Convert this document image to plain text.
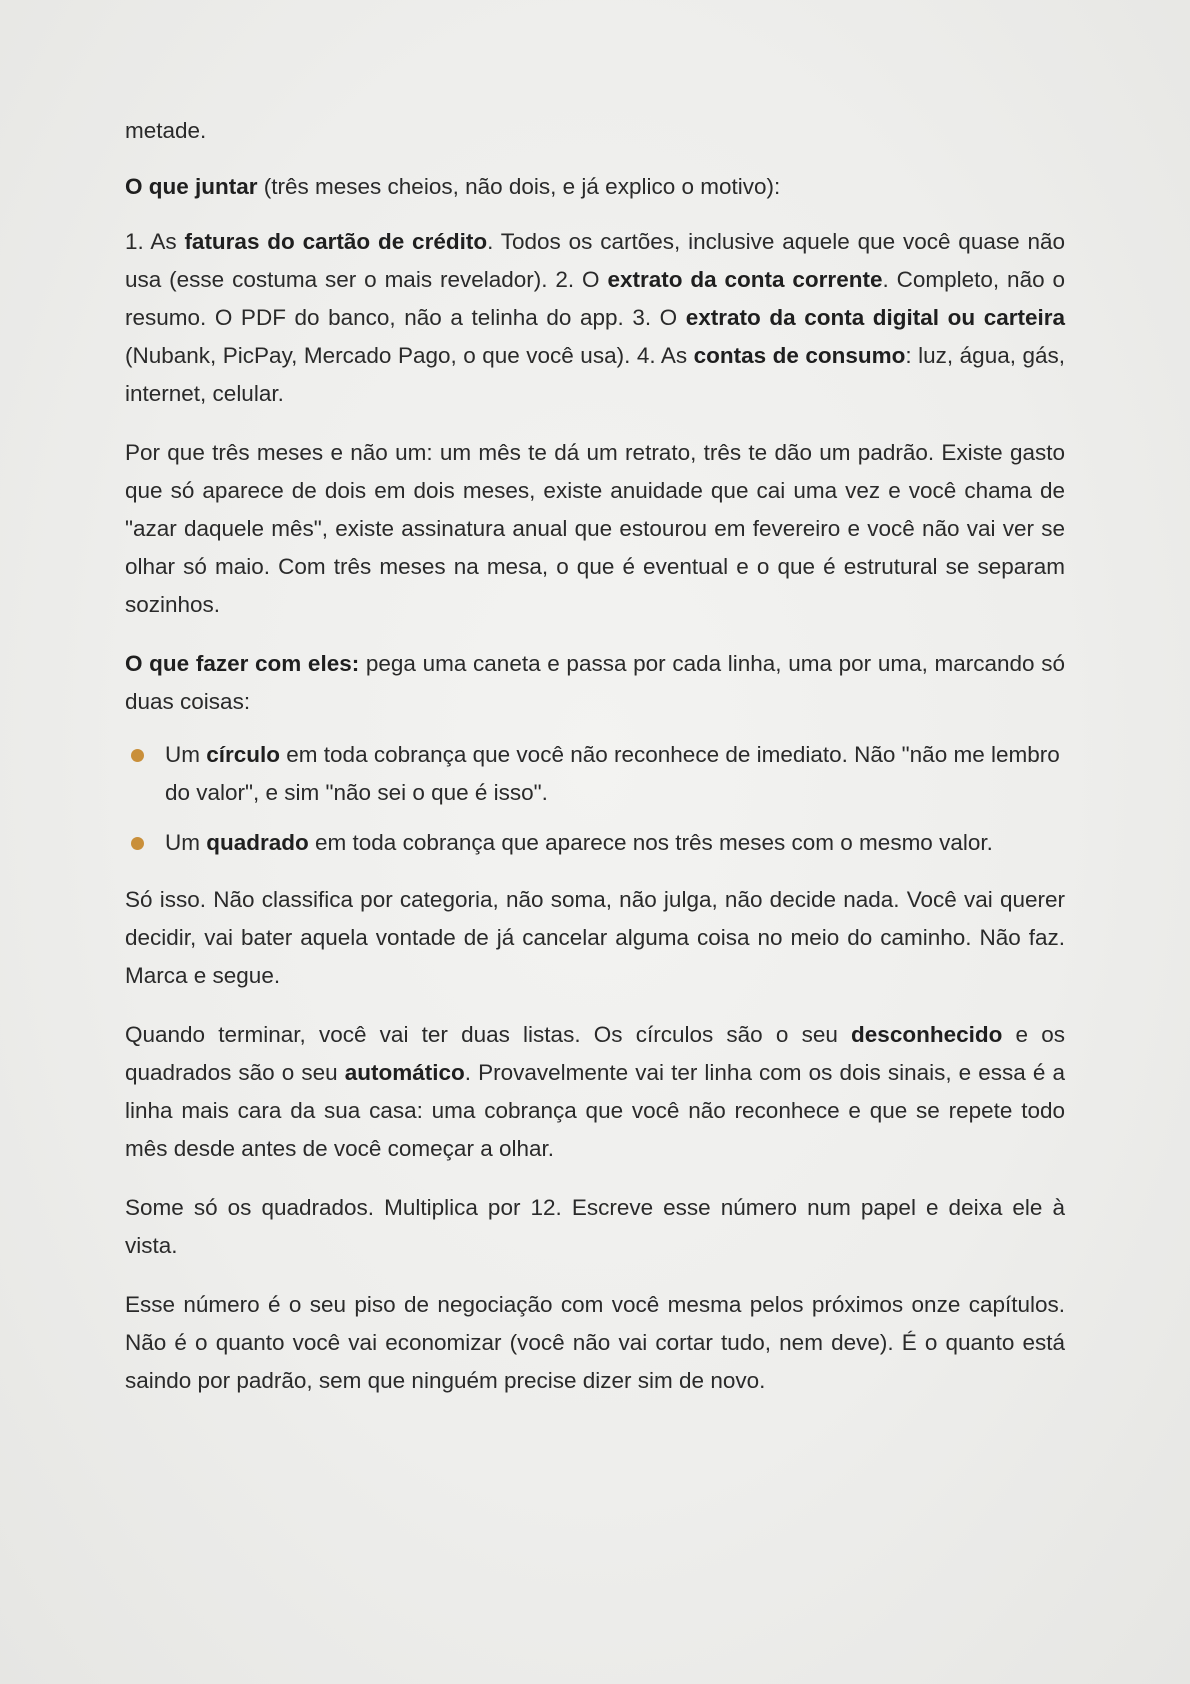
metade.

O que juntar (três meses cheios, não dois, e já explico o motivo):

1. As faturas do cartão de crédito. Todos os cartões, inclusive aquele que você quase não usa (esse costuma ser o mais revelador). 2. O extrato da conta corrente. Completo, não o resumo. O PDF do banco, não a telinha do app. 3. O extrato da conta digital ou carteira (Nubank, PicPay, Mercado Pago, o que você usa). 4. As contas de consumo: luz, água, gás, internet, celular.

Por que três meses e não um: um mês te dá um retrato, três te dão um padrão. Existe gasto que só aparece de dois em dois meses, existe anuidade que cai uma vez e você chama de "azar daquele mês", existe assinatura anual que estourou em fevereiro e você não vai ver se olhar só maio. Com três meses na mesa, o que é eventual e o que é estrutural se separam sozinhos.

O que fazer com eles: pega uma caneta e passa por cada linha, uma por uma, marcando só duas coisas:

Um círculo em toda cobrança que você não reconhece de imediato. Não "não me lembro do valor", e sim "não sei o que é isso".
Um quadrado em toda cobrança que aparece nos três meses com o mesmo valor.

Só isso. Não classifica por categoria, não soma, não julga, não decide nada. Você vai querer decidir, vai bater aquela vontade de já cancelar alguma coisa no meio do caminho. Não faz. Marca e segue.

Quando terminar, você vai ter duas listas. Os círculos são o seu desconhecido e os quadrados são o seu automático. Provavelmente vai ter linha com os dois sinais, e essa é a linha mais cara da sua casa: uma cobrança que você não reconhece e que se repete todo mês desde antes de você começar a olhar.

Some só os quadrados. Multiplica por 12. Escreve esse número num papel e deixa ele à vista.

Esse número é o seu piso de negociação com você mesma pelos próximos onze capítulos. Não é o quanto você vai economizar (você não vai cortar tudo, nem deve). É o quanto está saindo por padrão, sem que ninguém precise dizer sim de novo.
